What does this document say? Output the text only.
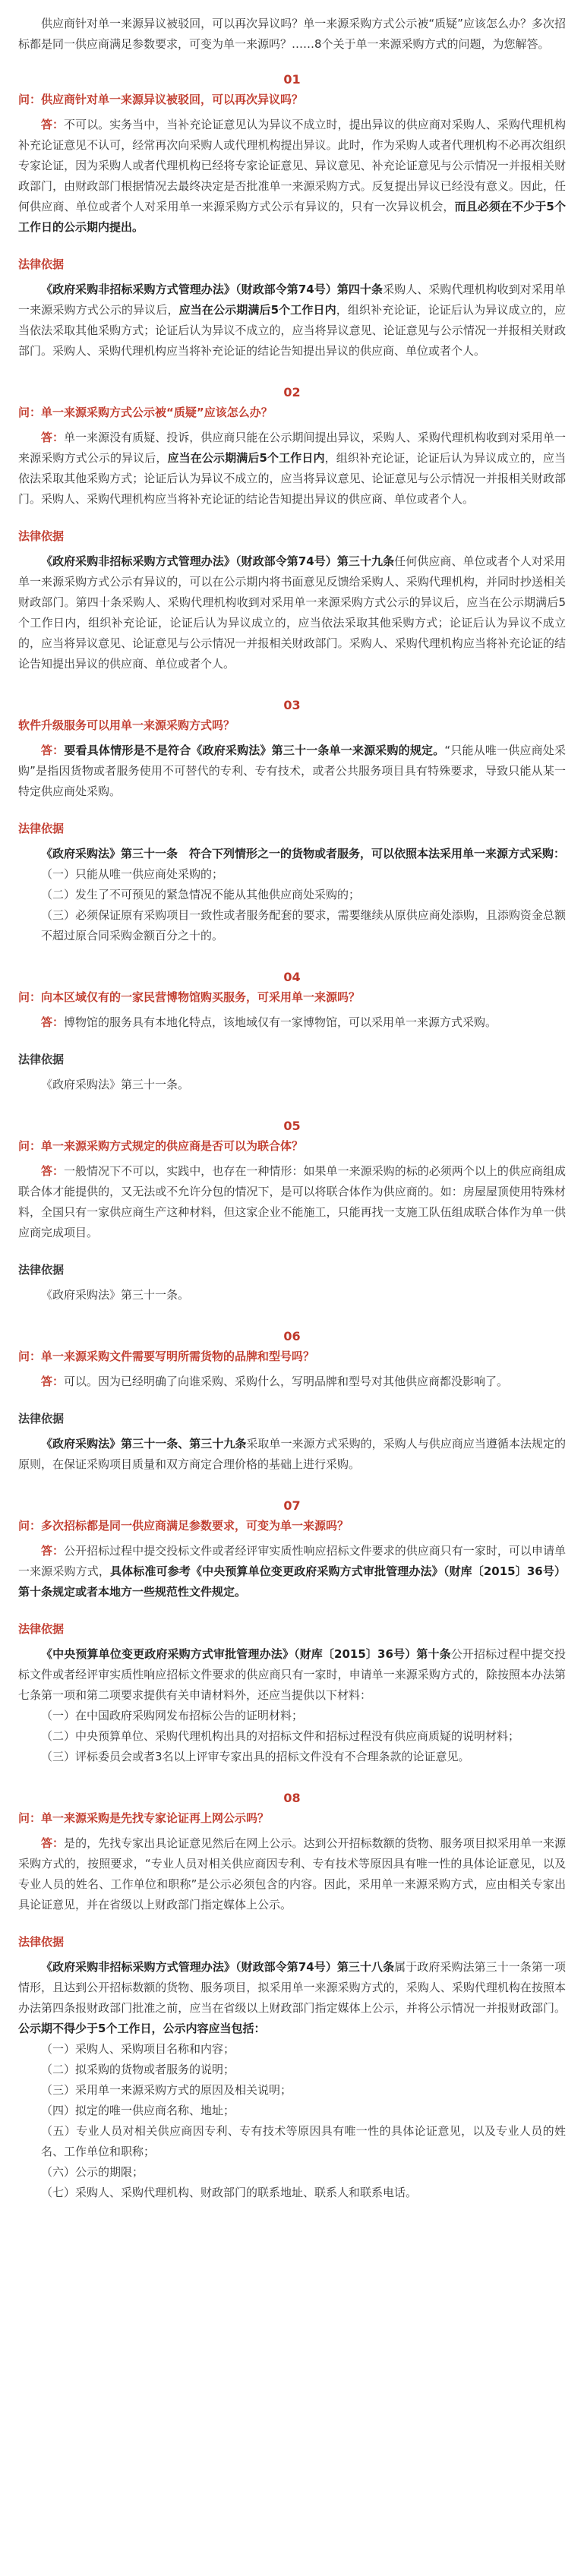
供应商针对单一来源异议被驳回，可以再次异议吗？单一来源采购方式公示被“质疑”应该怎么办？多次招标都是同一供应商满足参数要求，可变为单一来源吗？……8个关于单一来源采购方式的问题，为您解答。

01

问：供应商针对单一来源异议被驳回，可以再次异议吗？

答：不可以。实务当中，当补充论证意见认为异议不成立时，提出异议的供应商对采购人、采购代理机构补充论证意见不认可，经常再次向采购人或代理机构提出异议。此时，作为采购人或者代理机构不必再次组织专家论证，因为采购人或者代理机构已经将专家论证意见、异议意见、补充论证意见与公示情况一并报相关财政部门，由财政部门根据情况去最终决定是否批准单一来源采购方式。反复提出异议已经没有意义。因此，任何供应商、单位或者个人对采用单一来源采购方式公示有异议的，只有一次异议机会，而且必须在不少于5个工作日的公示期内提出。

法律依据

《政府采购非招标采购方式管理办法》（财政部令第74号）第四十条采购人、采购代理机构收到对采用单一来源采购方式公示的异议后，应当在公示期满后5个工作日内，组织补充论证，论证后认为异议成立的，应当依法采取其他采购方式；论证后认为异议不成立的，应当将异议意见、论证意见与公示情况一并报相关财政部门。采购人、采购代理机构应当将补充论证的结论告知提出异议的供应商、单位或者个人。

02

问：单一来源采购方式公示被“质疑”应该怎么办？

答：单一来源没有质疑、投诉，供应商只能在公示期间提出异议，采购人、采购代理机构收到对采用单一来源采购方式公示的异议后，应当在公示期满后5个工作日内，组织补充论证，论证后认为异议成立的，应当依法采取其他采购方式；论证后认为异议不成立的，应当将异议意见、论证意见与公示情况一并报相关财政部门。采购人、采购代理机构应当将补充论证的结论告知提出异议的供应商、单位或者个人。

法律依据

《政府采购非招标采购方式管理办法》（财政部令第74号）第三十九条任何供应商、单位或者个人对采用单一来源采购方式公示有异议的，可以在公示期内将书面意见反馈给采购人、采购代理机构，并同时抄送相关财政部门。第四十条采购人、采购代理机构收到对采用单一来源采购方式公示的异议后，应当在公示期满后5个工作日内，组织补充论证，论证后认为异议成立的，应当依法采取其他采购方式；论证后认为异议不成立的，应当将异议意见、论证意见与公示情况一并报相关财政部门。采购人、采购代理机构应当将补充论证的结论告知提出异议的供应商、单位或者个人。

03

软件升级服务可以用单一来源采购方式吗？

答：要看具体情形是不是符合《政府采购法》第三十一条单一来源采购的规定。“只能从唯一供应商处采购”是指因货物或者服务使用不可替代的专利、专有技术，或者公共服务项目具有特殊要求，导致只能从某一特定供应商处采购。

法律依据

《政府采购法》第三十一条　符合下列情形之一的货物或者服务，可以依照本法采用单一来源方式采购：

（一）只能从唯一供应商处采购的；

（二）发生了不可预见的紧急情况不能从其他供应商处采购的；

（三）必须保证原有采购项目一致性或者服务配套的要求，需要继续从原供应商处添购，且添购资金总额不超过原合同采购金额百分之十的。

04

问：向本区域仅有的一家民营博物馆购买服务，可采用单一来源吗？

答：博物馆的服务具有本地化特点，该地域仅有一家博物馆，可以采用单一来源方式采购。

法律依据

《政府采购法》第三十一条。

05

问：单一来源采购方式规定的供应商是否可以为联合体？

答：一般情况下不可以，实践中，也存在一种情形：如果单一来源采购的标的必须两个以上的供应商组成联合体才能提供的，又无法或不允许分包的情况下，是可以将联合体作为供应商的。如：房屋屋顶使用特殊材料，全国只有一家供应商生产这种材料，但这家企业不能施工，只能再找一支施工队伍组成联合体作为单一供应商完成项目。

法律依据

《政府采购法》第三十一条。

06

问：单一来源采购文件需要写明所需货物的品牌和型号吗？

答：可以。因为已经明确了向谁采购、采购什么，写明品牌和型号对其他供应商都没影响了。

法律依据

《政府采购法》第三十一条、第三十九条采取单一来源方式采购的，采购人与供应商应当遵循本法规定的原则，在保证采购项目质量和双方商定合理价格的基础上进行采购。

07

问：多次招标都是同一供应商满足参数要求，可变为单一来源吗？

答：公开招标过程中提交投标文件或者经评审实质性响应招标文件要求的供应商只有一家时，可以申请单一来源采购方式，具体标准可参考《中央预算单位变更政府采购方式审批管理办法》（财库〔2015〕36号）第十条规定或者本地方一些规范性文件规定。

法律依据

《中央预算单位变更政府采购方式审批管理办法》（财库〔2015〕36号）第十条公开招标过程中提交投标文件或者经评审实质性响应招标文件要求的供应商只有一家时，申请单一来源采购方式的，除按照本办法第七条第一项和第二项要求提供有关申请材料外，还应当提供以下材料：

（一）在中国政府采购网发布招标公告的证明材料；

（二）中央预算单位、采购代理机构出具的对招标文件和招标过程没有供应商质疑的说明材料；

（三）评标委员会或者3名以上评审专家出具的招标文件没有不合理条款的论证意见。

08

问：单一来源采购是先找专家论证再上网公示吗？

答：是的，先找专家出具论证意见然后在网上公示。达到公开招标数额的货物、服务项目拟采用单一来源采购方式的，按照要求，“专业人员对相关供应商因专利、专有技术等原因具有唯一性的具体论证意见，以及专业人员的姓名、工作单位和职称”是公示必须包含的内容。因此，采用单一来源采购方式，应由相关专家出具论证意见，并在省级以上财政部门指定媒体上公示。

法律依据

《政府采购非招标采购方式管理办法》（财政部令第74号）第三十八条属于政府采购法第三十一条第一项情形，且达到公开招标数额的货物、服务项目，拟采用单一来源采购方式的，采购人、采购代理机构在按照本办法第四条报财政部门批准之前，应当在省级以上财政部门指定媒体上公示，并将公示情况一并报财政部门。公示期不得少于5个工作日，公示内容应当包括：

（一）采购人、采购项目名称和内容；

（二）拟采购的货物或者服务的说明；

（三）采用单一来源采购方式的原因及相关说明；

（四）拟定的唯一供应商名称、地址；

（五）专业人员对相关供应商因专利、专有技术等原因具有唯一性的具体论证意见，以及专业人员的姓名、工作单位和职称；

（六）公示的期限；

（七）采购人、采购代理机构、财政部门的联系地址、联系人和联系电话。
